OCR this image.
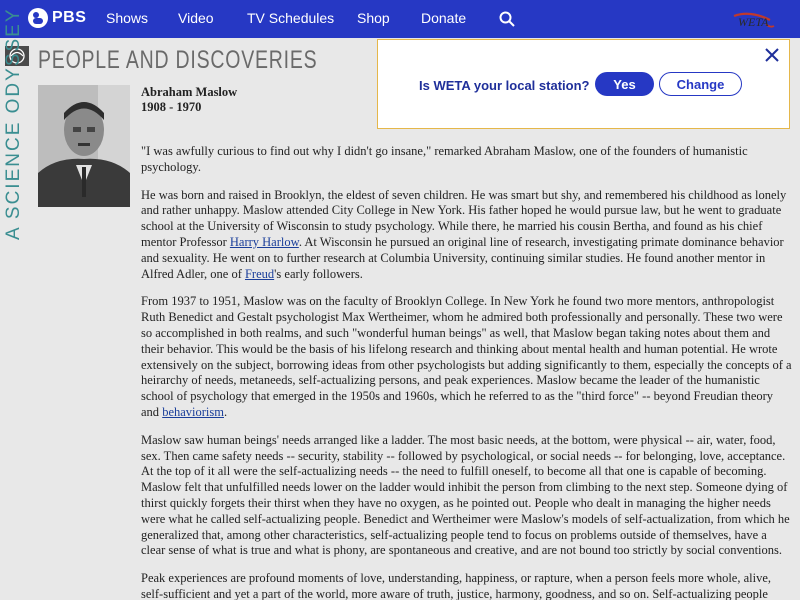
PBS Shows Video TV Schedules Shop Donate	WETA
A SCIENCE ODYSSEY PEOPLE AND DISCOVERIES
Abraham Maslow
1908 - 1970

"I was awfully curious to find out why I didn't go insane," remarked Abraham Maslow, one of the founders of humanistic psychology.

He was born and raised in Brooklyn, the eldest of seven children. He was smart but shy, and remembered his childhood as lonely and rather unhappy. Maslow attended City College in New York. His father hoped he would pursue law, but he went to graduate school at the University of Wisconsin to study psychology. While there, he married his cousin Bertha, and found as his chief mentor Professor Harry Harlow. At Wisconsin he pursued an original line of research, investigating primate dominance behavior and sexuality. He went on to further research at Columbia University, continuing similar studies. He found another mentor in Alfred Adler, one of Freud's early followers.

From 1937 to 1951, Maslow was on the faculty of Brooklyn College. In New York he found two more mentors, anthropologist Ruth Benedict and Gestalt psychologist Max Wertheimer, whom he admired both professionally and personally. These two were so accomplished in both realms, and such "wonderful human beings" as well, that Maslow began taking notes about them and their behavior. This would be the basis of his lifelong research and thinking about mental health and human potential. He wrote extensively on the subject, borrowing ideas from other psychologists but adding significantly to them, especially the concepts of a heirarchy of needs, metaneeds, self-actualizing persons, and peak experiences. Maslow became the leader of the humanistic school of psychology that emerged in the 1950s and 1960s, which he referred to as the "third force" -- beyond Freudian theory and behaviorism.

Maslow saw human beings' needs arranged like a ladder. The most basic needs, at the bottom, were physical -- air, water, food, sex. Then came safety needs -- security, stability -- followed by psychological, or social needs -- for belonging, love, acceptance. At the top of it all were the self-actualizing needs -- the need to fulfill oneself, to become all that one is capable of becoming. Maslow felt that unfulfilled needs lower on the ladder would inhibit the person from climbing to the next step. Someone dying of thirst quickly forgets their thirst when they have no oxygen, as he pointed out. People who dealt in managing the higher needs were what he called self-actualizing people. Benedict and Wertheimer were Maslow's models of self-actualization, from which he generalized that, among other characteristics, self-actualizing people tend to focus on problems outside of themselves, have a clear sense of what is true and what is phony, are spontaneous and creative, and are not bound too strictly by social conventions.

Peak experiences are profound moments of love, understanding, happiness, or rapture, when a person feels more whole, alive, self-sufficient and yet a part of the world, more aware of truth, justice, harmony, goodness, and so on. Self-actualizing people

Is WETA your local station?	Yes	Change
